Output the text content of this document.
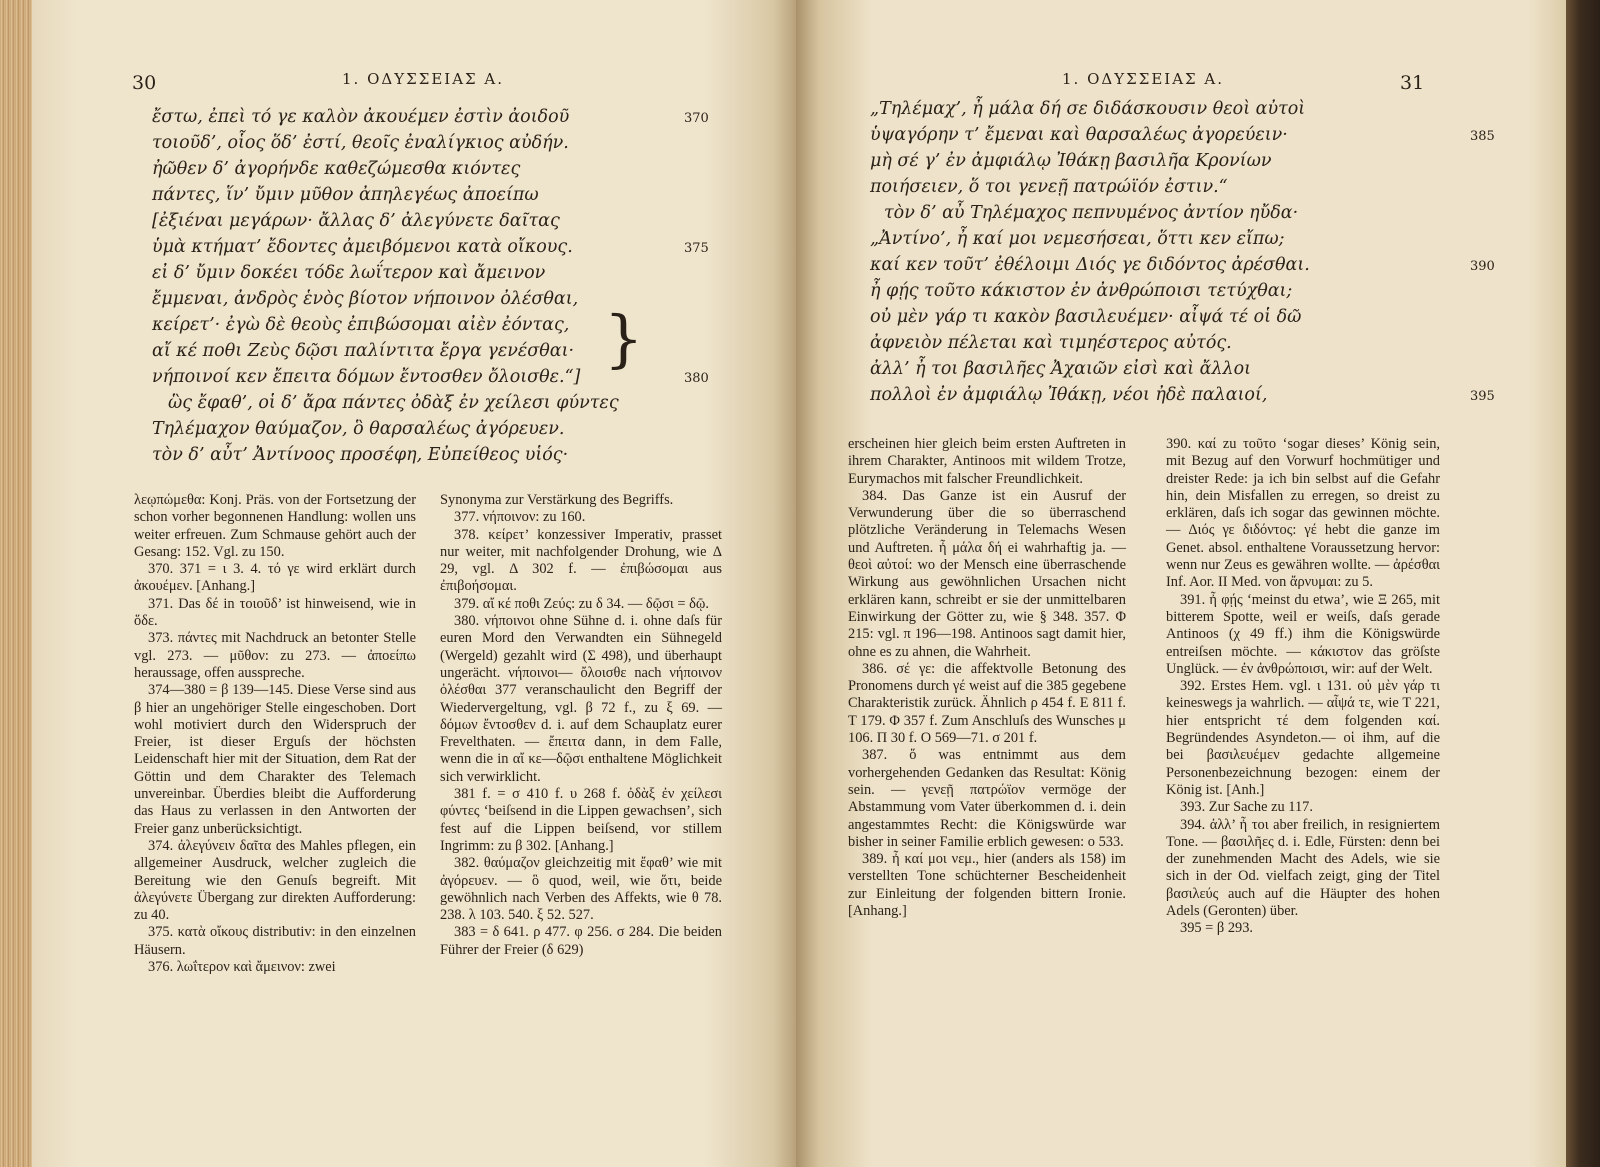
30	1. ΟΔΥΣΣΕΙΑΣ Α.
ἔστω, ἐπεὶ τό γε καλὸν ἀκουέμεν ἐστὶν ἀοιδοῦ	370
τοιοῦδ’, οἷος ὅδ’ ἐστί, θεοῖς ἐναλίγκιος αὐδήν.
ἠῶθεν δ’ ἀγορήνδε καθεζώμεσθα κιόντες
πάντες, ἵν’ ὔμιν μῦθον ἀπηλεγέως ἀποείπω
[ἐξιέναι μεγάρων· ἄλλας δ’ ἀλεγύνετε δαῖτας
ὑμὰ κτήματ’ ἔδοντες ἀμειβόμενοι κατὰ οἴκους.	375
εἰ δ’ ὔμιν δοκέει τόδε λωΐτερον καὶ ἄμεινον
ἔμμεναι, ἀνδρὸς ἑνὸς βίοτον νήποινον ὀλέσθαι,
κείρετ’· ἐγὼ δὲ θεοὺς ἐπιβώσομαι αἰὲν ἐόντας,
αἴ κέ ποθι Ζεὺς δῷσι παλίντιτα ἔργα γενέσθαι·
νήποινοί κεν ἔπειτα δόμων ἔντοσθεν ὄλοισθε.“]	380
ὣς ἔφαθ’, οἱ δ’ ἄρα πάντες ὀδὰξ ἐν χείλεσι φύντες
Τηλέμαχον θαύμαζον, ὃ θαρσαλέως ἀγόρευεν.
τὸν δ’ αὖτ’ Ἀντίνοος προσέφη, Εὐπείθεος υἱός·
}

λεῳπώμεθα: Konj. Präs. von der Fortsetzung der schon vorher begonnenen Handlung: wollen uns weiter erfreuen. Zum Schmause gehört auch der Gesang: 152. Vgl. zu 150.

370. 371 = ι 3. 4. τό γε wird erklärt durch ἀκουέμεν. [Anhang.]

371. Das δέ in τοιοῦδ’ ist hinweisend, wie in ὅδε.

373. πάντες mit Nachdruck an betonter Stelle vgl. 273. — μῦθον: zu 273. — ἀποείπω heraussage, offen ausspreche.

374—380 = β 139—145. Diese Verse sind aus β hier an ungehöriger Stelle eingeschoben. Dort wohl motiviert durch den Widerspruch der Freier, ist dieser Erguſs der höchsten Leidenschaft hier mit der Situation, dem Rat der Göttin und dem Charakter des Telemach unvereinbar. Überdies bleibt die Aufforderung das Haus zu verlassen in den Antworten der Freier ganz unberücksichtigt.

374. ἀλεγύνειν δαῖτα des Mahles pflegen, ein allgemeiner Ausdruck, welcher zugleich die Bereitung wie den Genuſs begreift. Mit ἀλεγύνετε Übergang zur direkten Aufforderung: zu 40.

375. κατὰ οἴκους distributiv: in den einzelnen Häusern.

376. λωΐτερον καὶ ἄμεινον: zwei

Synonyma zur Verstärkung des Begriffs.

377. νήποινον: zu 160.

378. κείρετ’ konzessiver Imperativ, prasset nur weiter, mit nachfolgender Drohung, wie Δ 29, vgl. Δ 302 f. — ἐπιβώσομαι aus ἐπιβοήσομαι.

379. αἴ κέ ποθι Ζεύς: zu δ 34. — δῷσι = δῷ.

380. νήποινοι ohne Sühne d. i. ohne daſs für euren Mord den Verwandten ein Sühnegeld (Wergeld) gezahlt wird (Σ 498), und überhaupt ungerächt. νήποινοι— ὄλοισθε nach νήποινον ὀλέσθαι 377 veranschaulicht den Begriff der Wiedervergeltung, vgl. β 72 f., zu ξ 69. — δόμων ἔντοσθεν d. i. auf dem Schauplatz eurer Frevelthaten. — ἔπειτα dann, in dem Falle, wenn die in αἴ κε—δῷσι enthaltene Möglichkeit sich verwirklicht.

381 f. = σ 410 f. υ 268 f. ὀδὰξ ἐν χείλεσι φύντες ‘beiſsend in die Lippen gewachsen’, sich fest auf die Lippen beiſsend, vor stillem Ingrimm: zu β 302. [Anhang.]

382. θαύμαζον gleichzeitig mit ἔφαθ’ wie mit ἀγόρευεν. — ὃ quod, weil, wie ὅτι, beide gewöhnlich nach Verben des Affekts, wie θ 78. 238. λ 103. 540. ξ 52. 527.

383 = δ 641. ρ 477. φ 256. σ 284. Die beiden Führer der Freier (δ 629)

1. ΟΔΥΣΣΕΙΑΣ Α.	31
„Τηλέμαχ’, ἦ μάλα δή σε διδάσκουσιν θεοὶ αὐτοὶ
ὑψαγόρην τ’ ἔμεναι καὶ θαρσαλέως ἀγορεύειν·	385
μὴ σέ γ’ ἐν ἀμφιάλῳ Ἰθάκῃ βασιλῆα Κρονίων
ποιήσειεν, ὅ τοι γενεῇ πατρώϊόν ἐστιν.“
τὸν δ’ αὖ Τηλέμαχος πεπνυμένος ἀντίον ηὔδα·
„Ἀντίνο’, ἦ καί μοι νεμεσήσεαι, ὅττι κεν εἴπω;
καί κεν τοῦτ’ ἐθέλοιμι Διός γε διδόντος ἀρέσθαι.	390
ἦ φῄς τοῦτο κάκιστον ἐν ἀνθρώποισι τετύχθαι;
οὐ μὲν γάρ τι κακὸν βασιλευέμεν· αἶψά τέ οἱ δῶ
ἀφνειὸν πέλεται καὶ τιμηέστερος αὐτός.
ἀλλ’ ἦ τοι βασιλῆες Ἀχαιῶν εἰσὶ καὶ ἄλλοι
πολλοὶ ἐν ἀμφιάλῳ Ἰθάκῃ, νέοι ἠδὲ παλαιοί,	395

erscheinen hier gleich beim ersten Auftreten in ihrem Charakter, Antinoos mit wildem Trotze, Eurymachos mit falscher Freundlichkeit.

384. Das Ganze ist ein Ausruf der Verwunderung über die so überraschend plötzliche Veränderung in Telemachs Wesen und Auftreten. ἦ μάλα δή ei wahrhaftig ja. — θεοὶ αὐτοί: wo der Mensch eine überraschende Wirkung aus gewöhnlichen Ursachen nicht erklären kann, schreibt er sie der unmittelbaren Einwirkung der Götter zu, wie § 348. 357. Φ 215: vgl. π 196—198. Antinoos sagt damit hier, ohne es zu ahnen, die Wahrheit.

386. σέ γε: die affektvolle Betonung des Pronomens durch γέ weist auf die 385 gegebene Charakteristik zurück. Ähnlich ρ 454 f. E 811 f. T 179. Φ 357 f. Zum Anschluſs des Wunsches μ 106. Π 30 f. O 569—71. σ 201 f.

387. ὅ was entnimmt aus dem vorhergehenden Gedanken das Resultat: König sein. — γενεῇ πατρώϊον vermöge der Abstammung vom Vater überkommen d. i. dein angestammtes Recht: die Königswürde war bisher in seiner Familie erblich gewesen: ο 533.

389. ἦ καί μοι νεμ., hier (anders als 158) im verstellten Tone schüchterner Bescheidenheit zur Einleitung der folgenden bittern Ironie. [Anhang.]

390. καί zu τοῦτο ‘sogar dieses’ König sein, mit Bezug auf den Vorwurf hochmütiger und dreister Rede: ja ich bin selbst auf die Gefahr hin, dein Misfallen zu erregen, so dreist zu erklären, daſs ich sogar das gewinnen möchte. — Διός γε διδόντος: γέ hebt die ganze im Genet. absol. enthaltene Voraussetzung hervor: wenn nur Zeus es gewähren wollte. — ἀρέσθαι Inf. Aor. II Med. von ἄρνυμαι: zu 5.

391. ἦ φῄς ‘meinst du etwa’, wie Ξ 265, mit bitterem Spotte, weil er weiſs, daſs gerade Antinoos (χ 49 ff.) ihm die Königswürde entreiſsen möchte. — κάκιστον das gröſste Unglück. — ἐν ἀνθρώποισι, wir: auf der Welt.

392. Erstes Hem. vgl. ι 131. οὐ μὲν γάρ τι keineswegs ja wahrlich. — αἶψά τε, wie T 221, hier entspricht τέ dem folgenden καί. Begründendes Asyndeton.— οἱ ihm, auf die bei βασιλευέμεν gedachte allgemeine Personenbezeichnung bezogen: einem der König ist. [Anh.]

393. Zur Sache zu 117.

394. ἀλλ’ ἦ τοι aber freilich, in resigniertem Tone. — βασιλῆες d. i. Edle, Fürsten: denn bei der zunehmenden Macht des Adels, wie sie sich in der Od. vielfach zeigt, ging der Titel βασιλεύς auch auf die Häupter des hohen Adels (Geronten) über.

395 = β 293.
